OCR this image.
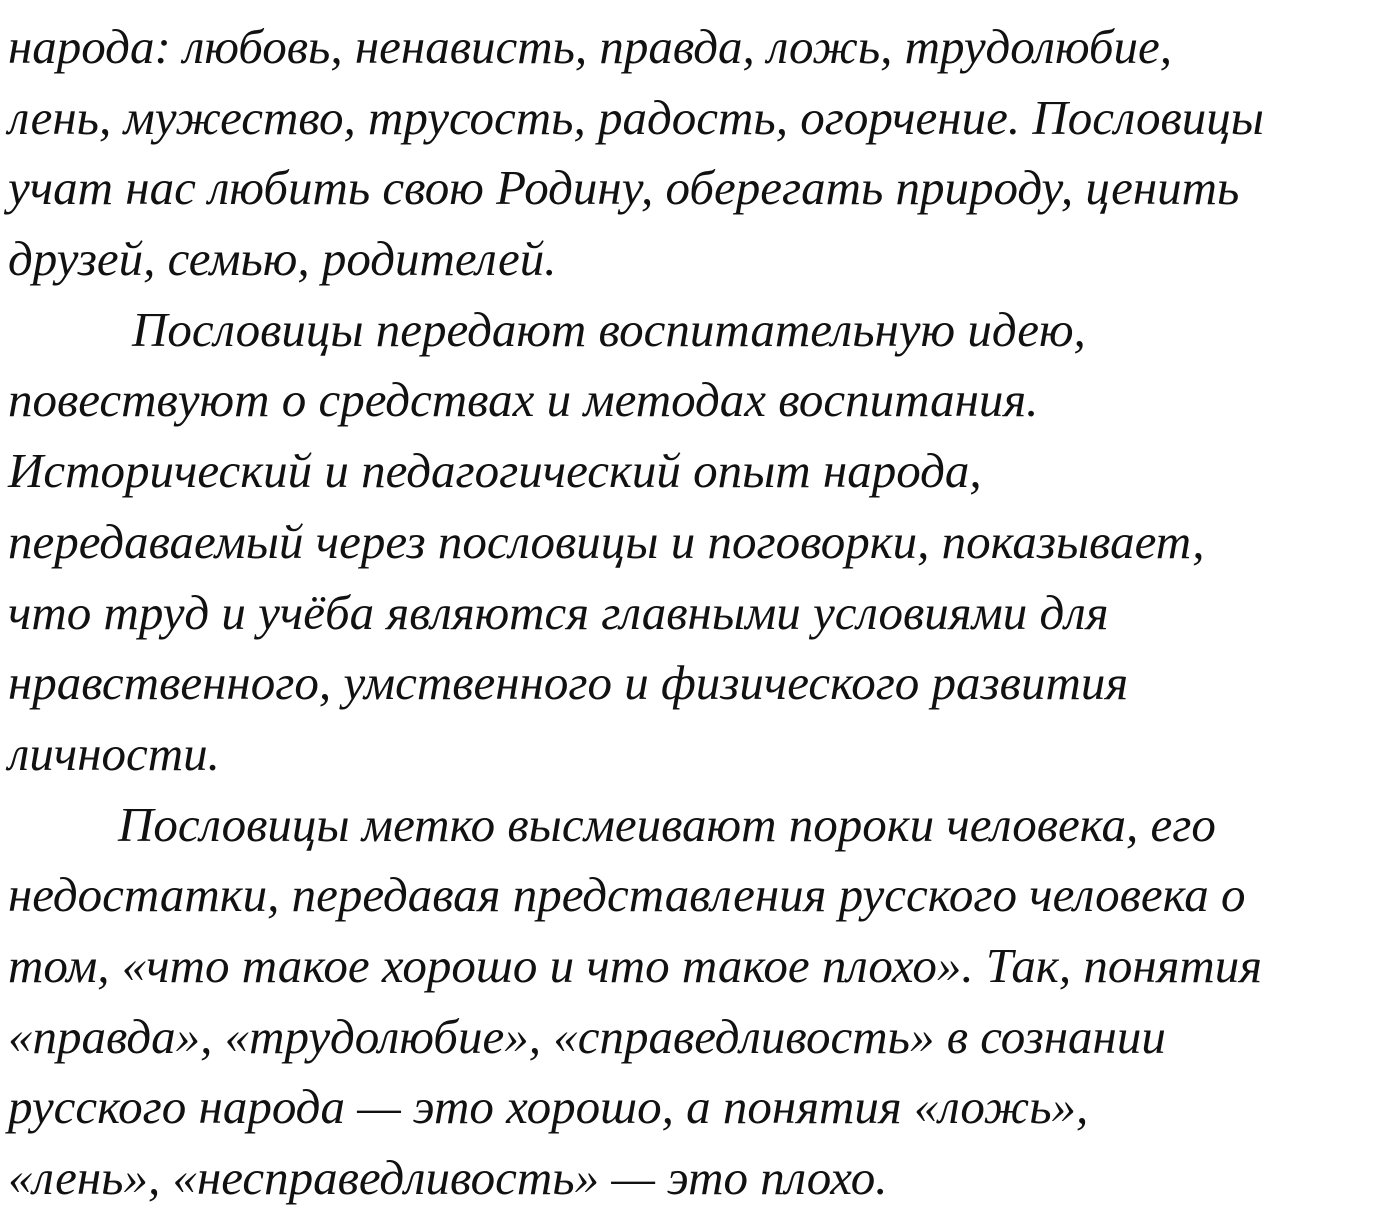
народа: любовь, ненависть, правда, ложь, трудолюбие,
лень, мужество, трусость, радость, огорчение. Пословицы
учат нас любить свою Родину, оберегать природу, ценить
друзей, семью, родителей.
Пословицы передают воспитательную идею,
повествуют о средствах и методах воспитания.
Исторический и педагогический опыт народа,
передаваемый через пословицы и поговорки, показывает,
что труд и учёба являются главными условиями для
нравственного, умственного и физического развития
личности.
Пословицы метко высмеивают пороки человека, его
недостатки, передавая представления русского человека о
том, «что такое хорошо и что такое плохо». Так, понятия
«правда», «трудолюбие», «справедливость» в сознании
русского народа — это хорошо, а понятия «ложь»,
«лень», «несправедливость» — это плохо.
